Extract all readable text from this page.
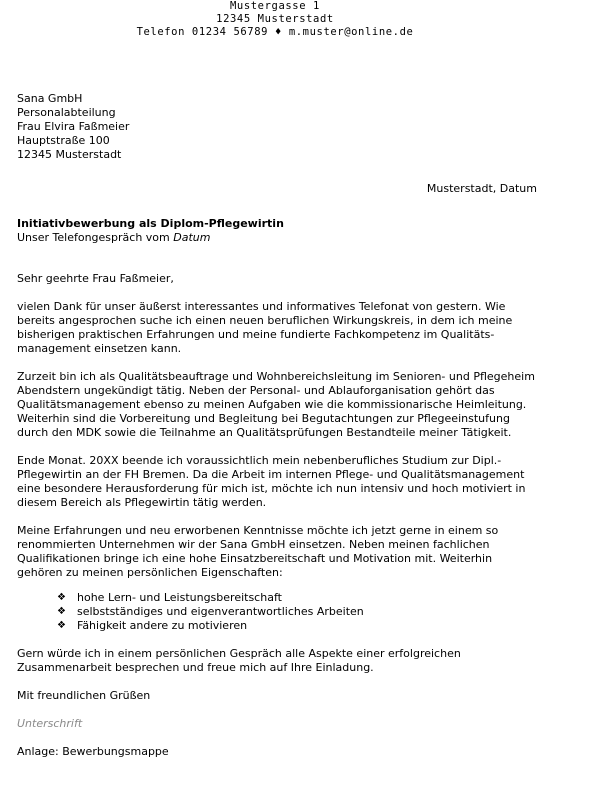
Mustergasse 1
12345 Musterstadt
Telefon 01234 56789 ♦ m.muster@online.de
Sana GmbH
Personalabteilung
Frau Elvira Faßmeier
Hauptstraße 100
12345 Musterstadt
Musterstadt, Datum
Initiativbewerbung als Diplom-Pflegewirtin
Unser Telefongespräch vom Datum
Sehr geehrte Frau Faßmeier,

vielen Dank für unser äußerst interessantes und informatives Telefonat von gestern. Wie bereits angesprochen suche ich einen neuen beruflichen Wirkungskreis, in dem ich meine bisherigen praktischen Erfahrungen und meine fundierte Fachkompetenz im Qualitätsmanagement einsetzen kann.

Zurzeit bin ich als Qualitätsbeauftrage und Wohnbereichsleitung im Senioren- und Pflegeheim Abendstern ungekündigt tätig. Neben der Personal- und Ablauforganisation gehört das Qualitätsmanagement ebenso zu meinen Aufgaben wie die kommissionarische Heimleitung. Weiterhin sind die Vorbereitung und Begleitung bei Begutachtungen zur Pflegeeinstufung durch den MDK sowie die Teilnahme an Qualitätsprüfungen Bestandteile meiner Tätigkeit.

Ende Monat. 20XX beende ich voraussichtlich mein nebenberufliches Studium zur Dipl.-Pflegewirtin an der FH Bremen. Da die Arbeit im internen Pflege- und Qualitätsmanagement eine besondere Herausforderung für mich ist, möchte ich nun intensiv und hoch motiviert in diesem Bereich als Pflegewirtin tätig werden.

Meine Erfahrungen und neu erworbenen Kenntnisse möchte ich jetzt gerne in einem so renommierten Unternehmen wir der Sana GmbH einsetzen. Neben meinen fachlichen Qualifikationen bringe ich eine hohe Einsatzbereitschaft und Motivation mit. Weiterhin gehören zu meinen persönlichen Eigenschaften:

❖ hohe Lern- und Leistungsbereitschaft
❖ selbstständiges und eigenverantwortliches Arbeiten
❖ Fähigkeit andere zu motivieren

Gern würde ich in einem persönlichen Gespräch alle Aspekte einer erfolgreichen Zusammenarbeit besprechen und freue mich auf Ihre Einladung.

Mit freundlichen Grüßen
Unterschrift
Anlage: Bewerbungsmappe
